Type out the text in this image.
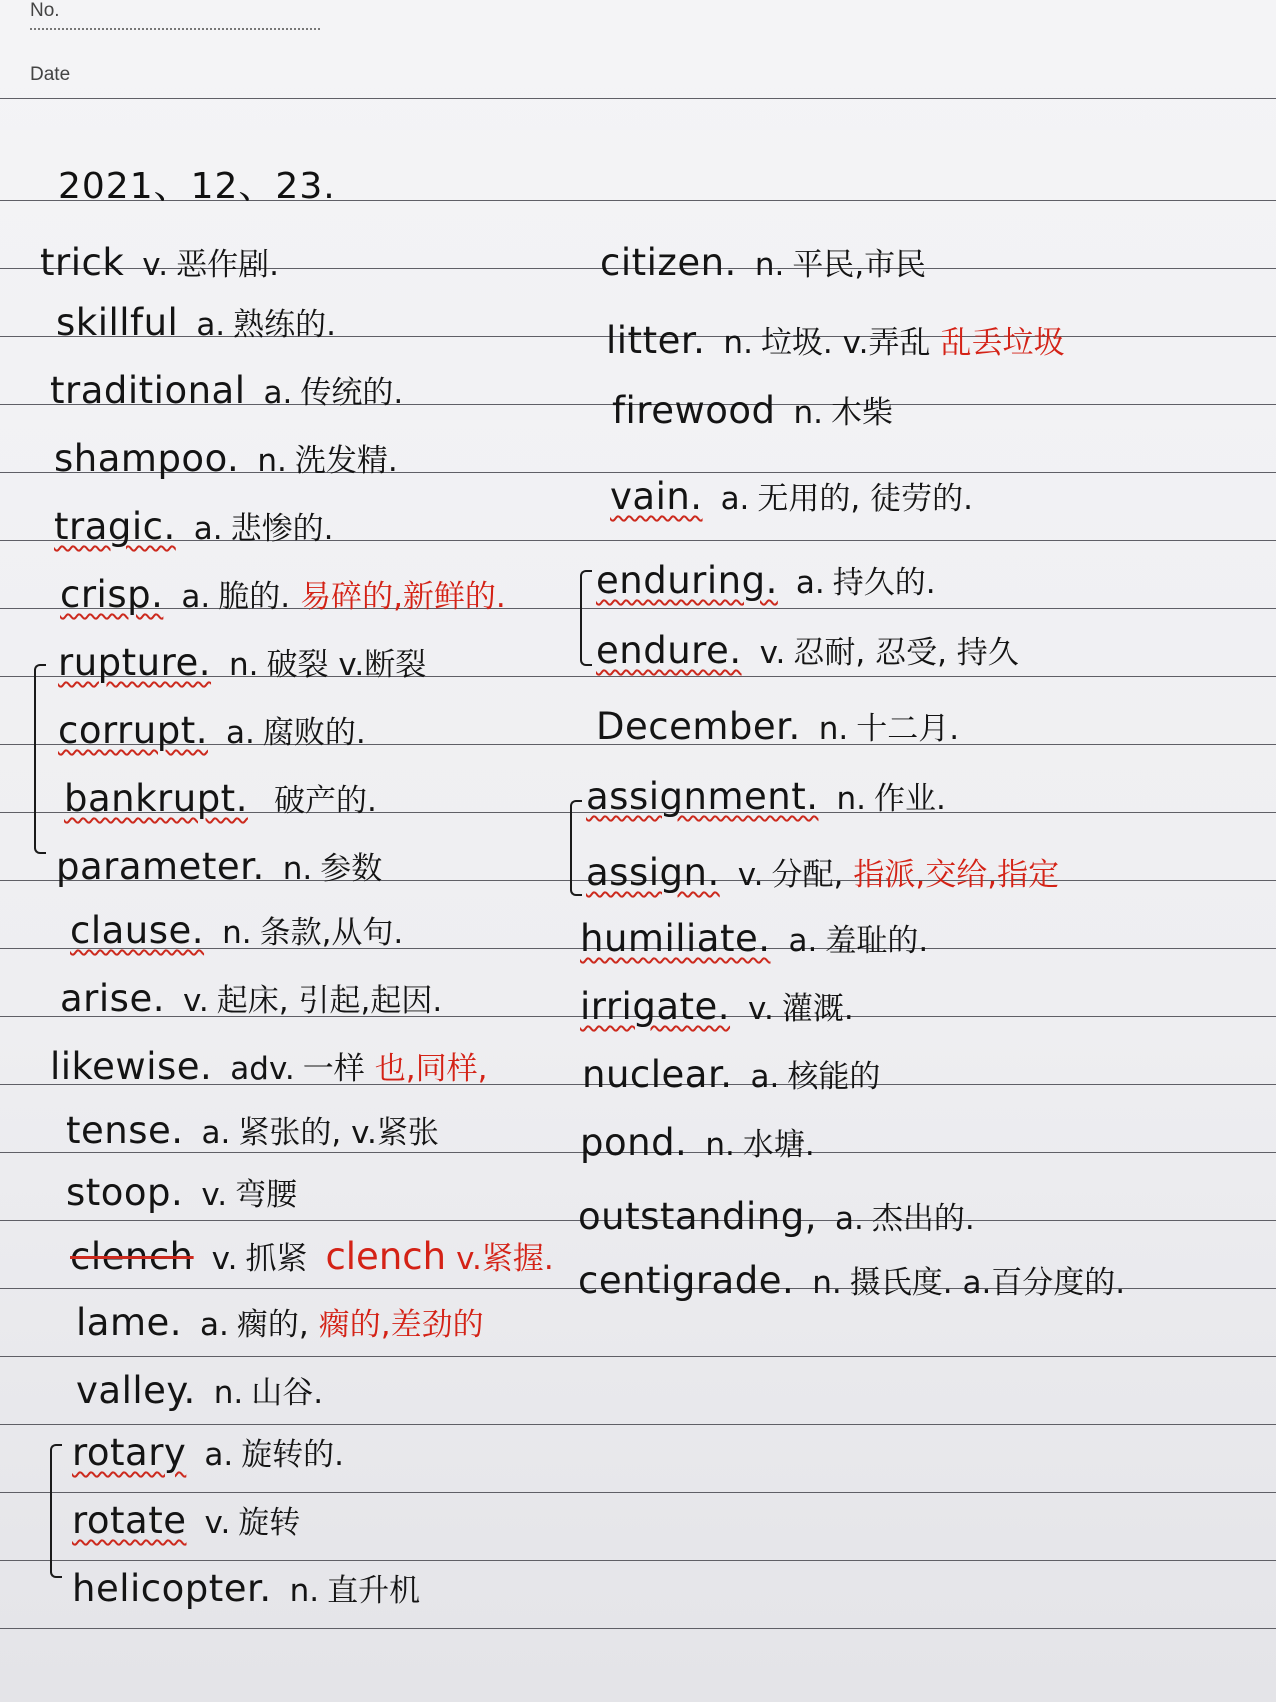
No.
Date
2021、12、23.
trick v. 恶作剧.
skillful a. 熟练的.
traditional a. 传统的.
shampoo. n. 洗发精.
tragic. a. 悲惨的.
crisp. a. 脆的. 易碎的,新鲜的.
rupture. n. 破裂 v.断裂
corrupt. a. 腐败的.
bankrupt. 破产的.
parameter. n. 参数
clause. n. 条款,从句.
arise. v. 起床, 引起,起因.
likewise. adv. 一样 也,同样,
tense. a. 紧张的, v.紧张
stoop. v. 弯腰
clench v. 抓紧 clench v.紧握.
lame. a. 瘸的, 瘸的,差劲的
valley. n. 山谷.
rotary a. 旋转的.
rotate v. 旋转
helicopter. n. 直升机
citizen. n. 平民,市民
litter. n. 垃圾. v.弄乱 乱丢垃圾
firewood n. 木柴
vain. a. 无用的, 徒劳的.
enduring. a. 持久的.
endure. v. 忍耐, 忍受, 持久
December. n. 十二月.
assignment. n. 作业.
assign. v. 分配, 指派,交给,指定
humiliate. a. 羞耻的.
irrigate. v. 灌溉.
nuclear. a. 核能的
pond. n. 水塘.
outstanding, a. 杰出的.
centigrade. n. 摄氏度. a.百分度的.
